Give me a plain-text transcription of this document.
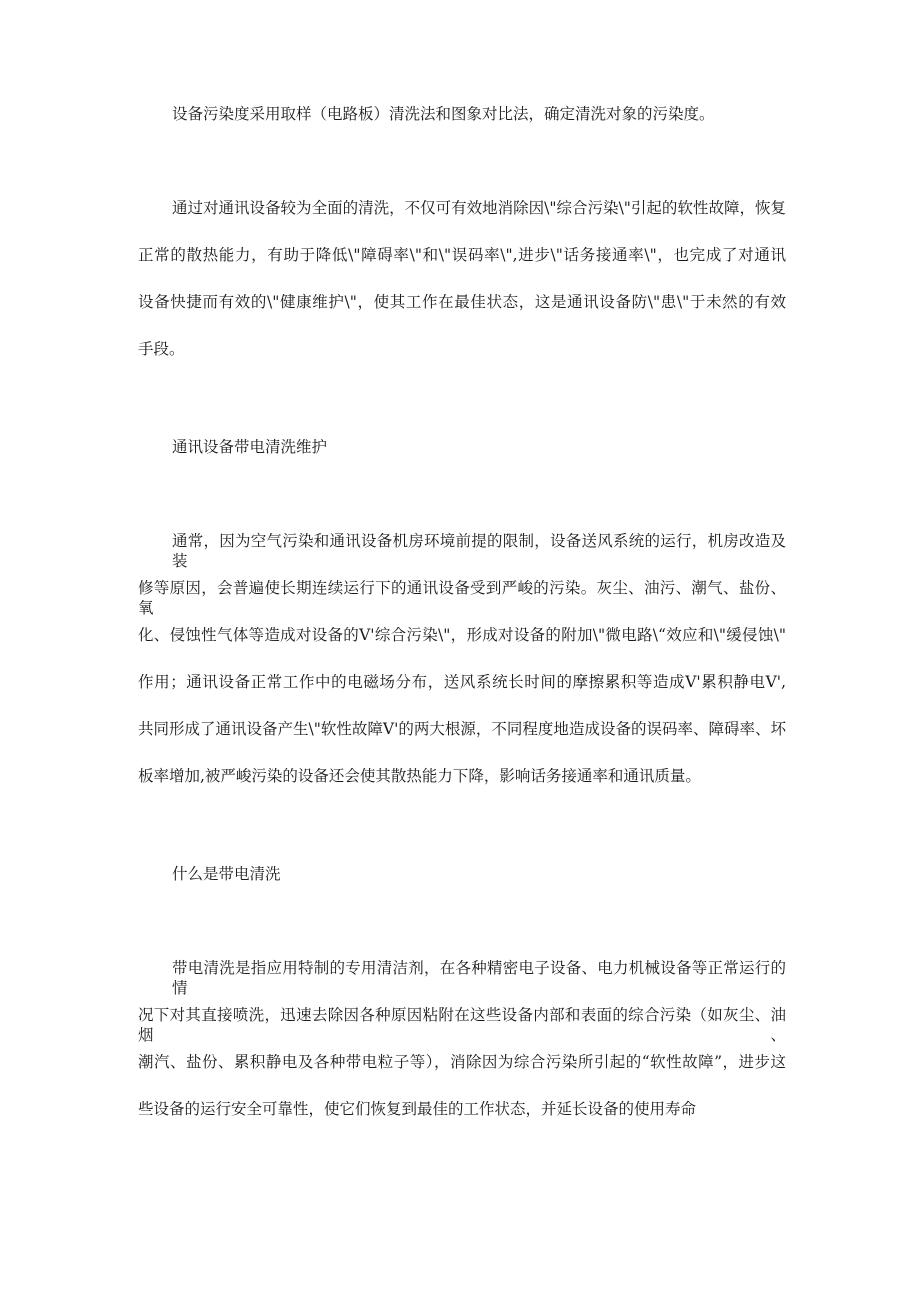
设备污染度采用取样（电路板）清洗法和图象对比法，确定清洗对象的污染度。
通过对通讯设备较为全面的清洗，不仅可有效地消除因\"综合污染\"引起的软性故障，恢复
正常的散热能力，有助于降低\"障碍率\"和\"误码率\",进步\"话务接通率\"，也完成了对通讯
设备快捷而有效的\"健康维护\"，使其工作在最佳状态，这是通讯设备防\"患\"于未然的有效
手段。
通讯设备带电清洗维护
通常，因为空气污染和通讯设备机房环境前提的限制，设备送风系统的运行，机房改造及装
修等原因，会普遍使长期连续运行下的通讯设备受到严峻的污染。灰尘、油污、潮气、盐份、氧
化、侵蚀性气体等造成对设备的V'综合污染\"，形成对设备的附加\"微电路\“效应和\"缓侵蚀\"
作用；通讯设备正常工作中的电磁场分布，送风系统长时间的摩擦累积等造成V'累积静电V',
共同形成了通讯设备产生\"软性故障V'的两大根源，不同程度地造成设备的误码率、障碍率、坏
板率增加,被严峻污染的设备还会使其散热能力下降，影响话务接通率和通讯质量。
什么是带电清洗
带电清洗是指应用特制的专用清洁剂，在各种精密电子设备、电力机械设备等正常运行的情
况下对其直接喷洗，迅速去除因各种原因粘附在这些设备内部和表面的综合污染（如灰尘、油烟、
潮汽、盐份、累积静电及各种带电粒子等），消除因为综合污染所引起的“软性故障”，进步这
些设备的运行安全可靠性，使它们恢复到最佳的工作状态，并延长设备的使用寿命
